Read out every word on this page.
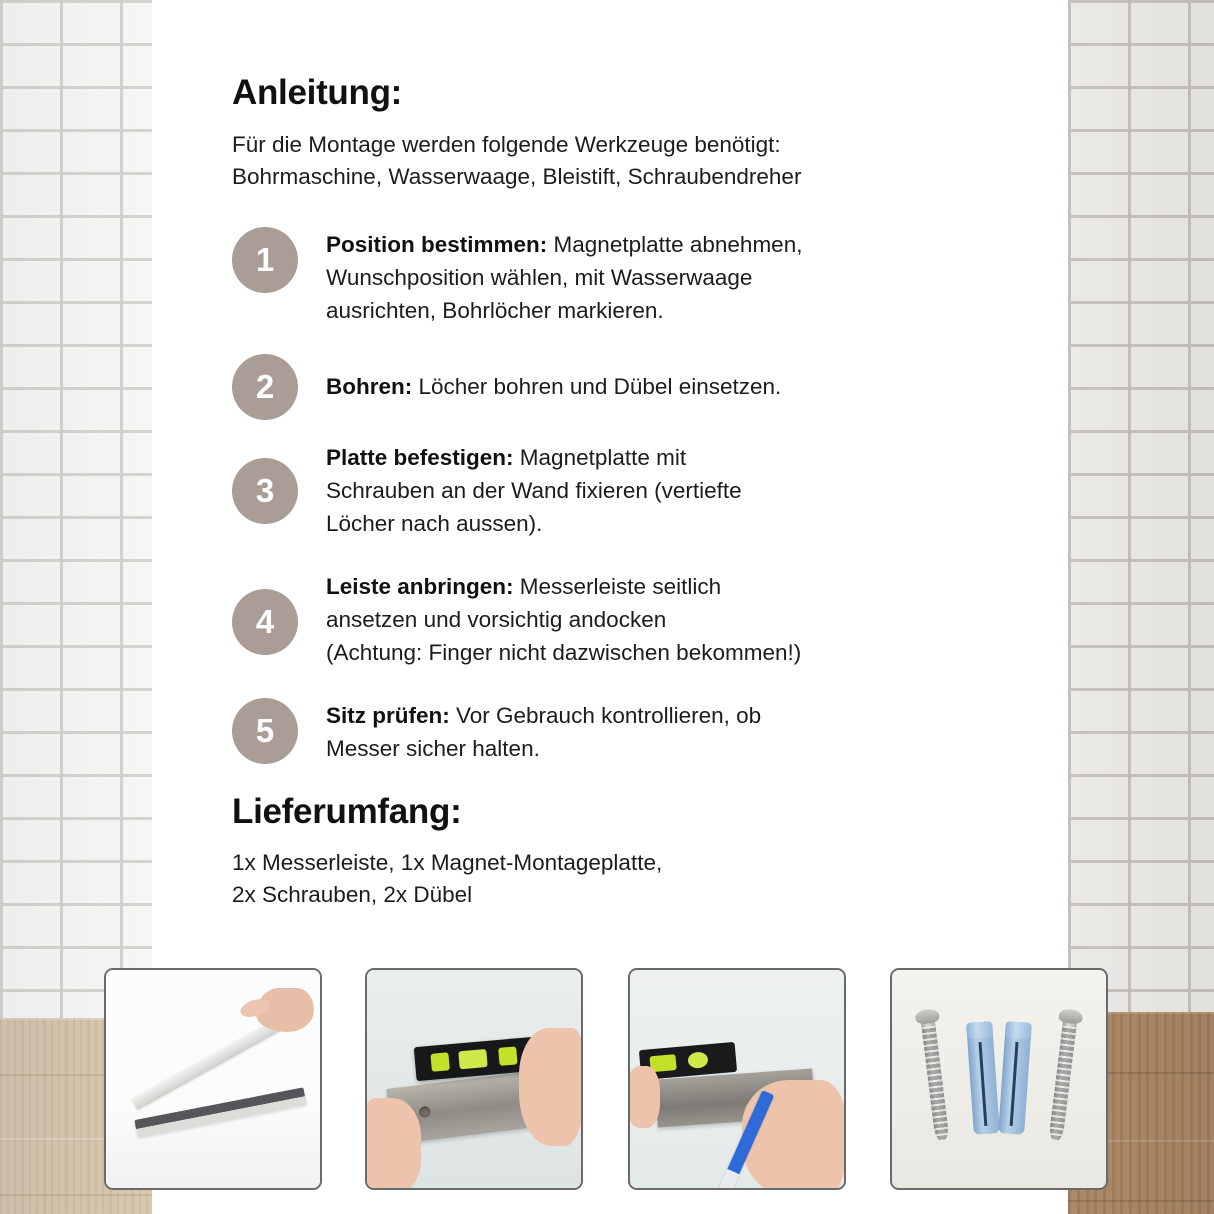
Anleitung:
Für die Montage werden folgende Werkzeuge benötigt:
Bohrmaschine, Wasserwaage, Bleistift, Schraubendreher
1	Position bestimmen: Magnetplatte abnehmen,
Wunschposition wählen, mit Wasserwaage
ausrichten, Bohrlöcher markieren.
2	Bohren: Löcher bohren und Dübel einsetzen.
3
Platte befestigen: Magnetplatte mit
Schrauben an der Wand fixieren (vertiefte
Löcher nach aussen).
4
Leiste anbringen: Messerleiste seitlich
ansetzen und vorsichtig andocken
(Achtung: Finger nicht dazwischen bekommen!)
5	Sitz prüfen: Vor Gebrauch kontrollieren, ob
Messer sicher halten.
Lieferumfang:
1x Messerleiste, 1x Magnet-Montageplatte,
2x Schrauben, 2x Dübel
